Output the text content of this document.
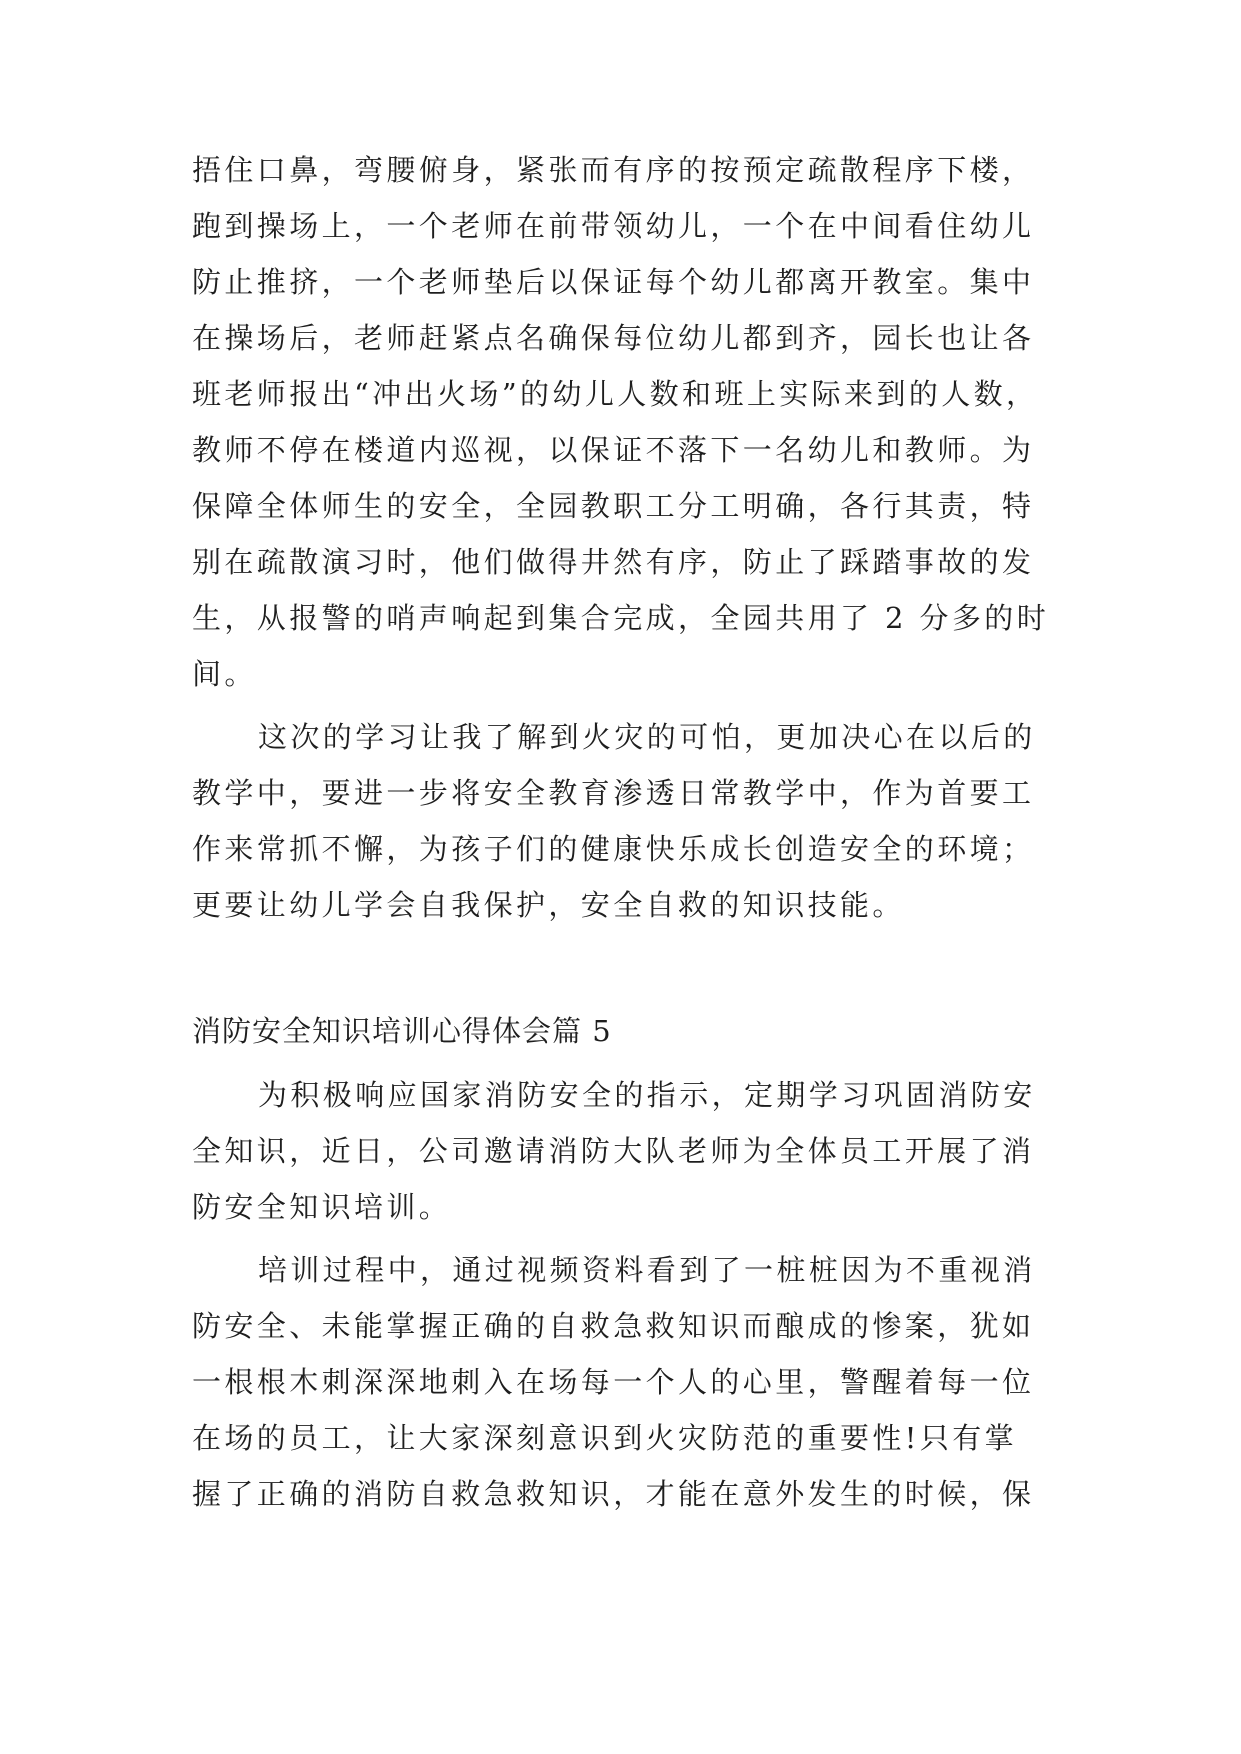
捂住口鼻，弯腰俯身，紧张而有序的按预定疏散程序下楼，
跑到操场上，一个老师在前带领幼儿，一个在中间看住幼儿
防止推挤，一个老师垫后以保证每个幼儿都离开教室。集中
在操场后，老师赶紧点名确保每位幼儿都到齐，园长也让各
班老师报出“冲出火场”的幼儿人数和班上实际来到的人数，
教师不停在楼道内巡视，以保证不落下一名幼儿和教师。为
保障全体师生的安全，全园教职工分工明确，各行其责，特
别在疏散演习时，他们做得井然有序，防止了踩踏事故的发
生，从报警的哨声响起到集合完成，全园共用了 2 分多的时
间。
这次的学习让我了解到火灾的可怕，更加决心在以后的
教学中，要进一步将安全教育渗透日常教学中，作为首要工
作来常抓不懈，为孩子们的健康快乐成长创造安全的环境；
更要让幼儿学会自我保护，安全自救的知识技能。
消防安全知识培训心得体会篇 5
为积极响应国家消防安全的指示，定期学习巩固消防安
全知识，近日，公司邀请消防大队老师为全体员工开展了消
防安全知识培训。
培训过程中，通过视频资料看到了一桩桩因为不重视消
防安全、未能掌握正确的自救急救知识而酿成的惨案，犹如
一根根木刺深深地刺入在场每一个人的心里，警醒着每一位
在场的员工，让大家深刻意识到火灾防范的重要性!只有掌
握了正确的消防自救急救知识，才能在意外发生的时候，保
